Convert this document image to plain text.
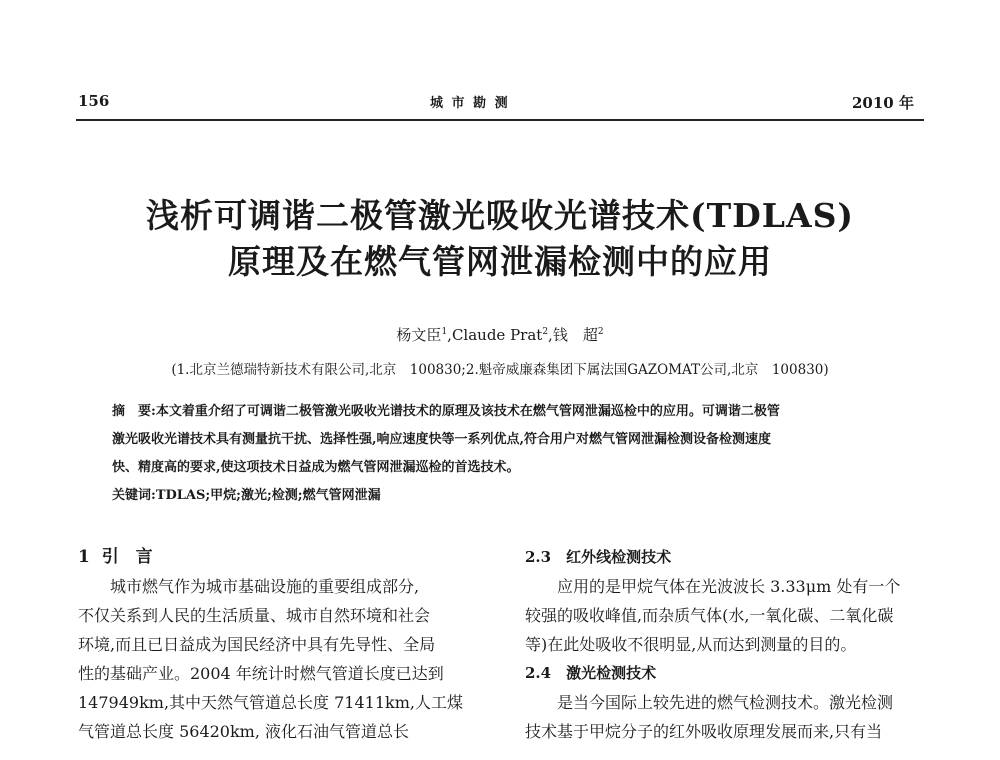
156	城 市 勘 测	2010 年
浅析可调谐二极管激光吸收光谱技术(TDLAS)
原理及在燃气管网泄漏检测中的应用
杨文臣$^1$,Claude Prat$^2$,钱　超$^2$
(1.北京兰德瑞特新技术有限公司,北京　100830;2.魁帝威廉森集团下属法国GAZOMAT公司,北京　100830)
摘　要:本文着重介绍了可调谐二极管激光吸收光谱技术的原理及该技术在燃气管网泄漏巡检中的应用。可调谐二极管
激光吸收光谱技术具有测量抗干扰、选择性强,响应速度快等一系列优点,符合用户对燃气管网泄漏检测设备检测速度
快、精度高的要求,使这项技术日益成为燃气管网泄漏巡检的首选技术。
关键词:TDLAS;甲烷;激光;检测;燃气管网泄漏
1 引　言
城市燃气作为城市基础设施的重要组成部分,
不仅关系到人民的生活质量、城市自然环境和社会
环境,而且已日益成为国民经济中具有先导性、全局
性的基础产业。2004 年统计时燃气管道长度已达到
147949km,其中天然气管道总长度 71411km,人工煤
气管道总长度 56420km, 液化石油气管道总长
2.3　红外线检测技术
应用的是甲烷气体在光波波长 3.33μm 处有一个
较强的吸收峰值,而杂质气体(水,一氧化碳、二氧化碳
等)在此处吸收不很明显,从而达到测量的目的。
2.4　激光检测技术
是当今国际上较先进的燃气检测技术。激光检测
技术基于甲烷分子的红外吸收原理发展而来,只有当
